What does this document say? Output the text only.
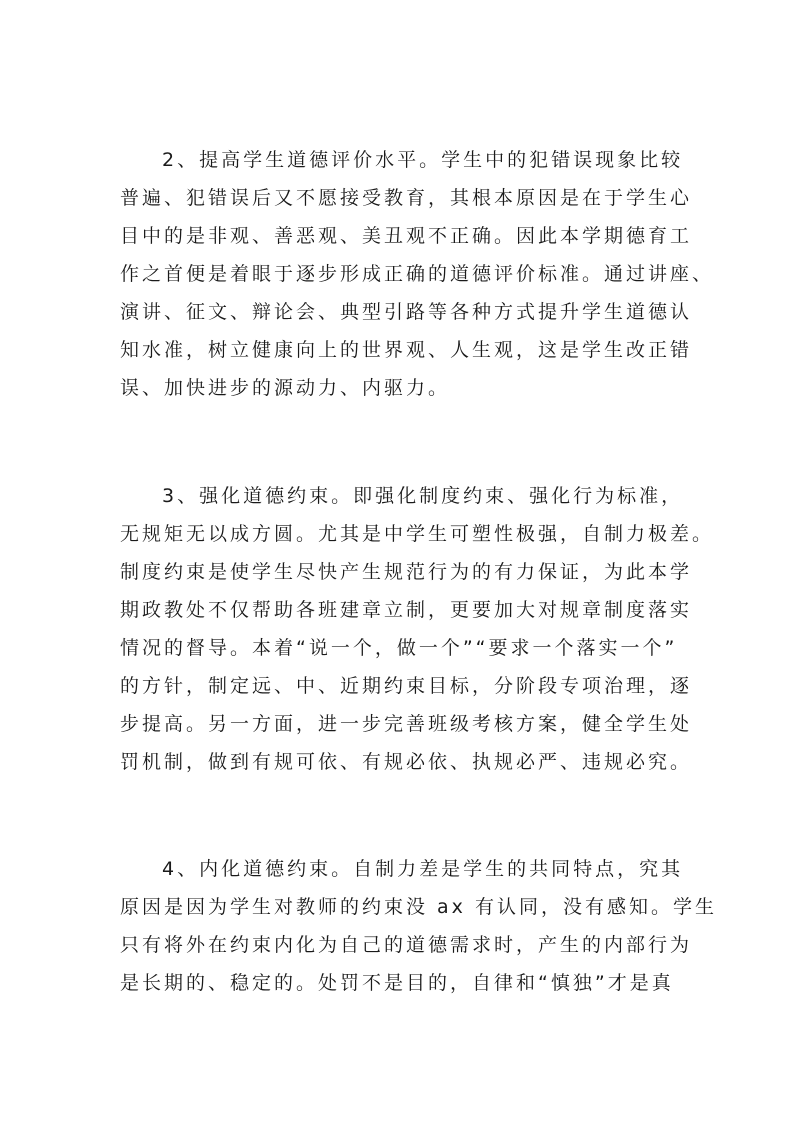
2、提高学生道德评价水平。学生中的犯错误现象比较
普遍、犯错误后又不愿接受教育，其根本原因是在于学生心
目中的是非观、善恶观、美丑观不正确。因此本学期德育工
作之首便是着眼于逐步形成正确的道德评价标准。通过讲座、
演讲、征文、辩论会、典型引路等各种方式提升学生道德认
知水准，树立健康向上的世界观、人生观，这是学生改正错
误、加快进步的源动力、内驱力。
3、强化道德约束。即强化制度约束、强化行为标准，
无规矩无以成方圆。尤其是中学生可塑性极强，自制力极差。
制度约束是使学生尽快产生规范行为的有力保证，为此本学
期政教处不仅帮助各班建章立制，更要加大对规章制度落实
情况的督导。本着“说一个，做一个”“要求一个落实一个”
的方针，制定远、中、近期约束目标，分阶段专项治理，逐
步提高。另一方面，进一步完善班级考核方案，健全学生处
罚机制，做到有规可依、有规必依、执规必严、违规必究。
4、内化道德约束。自制力差是学生的共同特点，究其
原因是因为学生对教师的约束没 ax 有认同，没有感知。学生
只有将外在约束内化为自己的道德需求时，产生的内部行为
是长期的、稳定的。处罚不是目的，自律和“慎独”才是真
